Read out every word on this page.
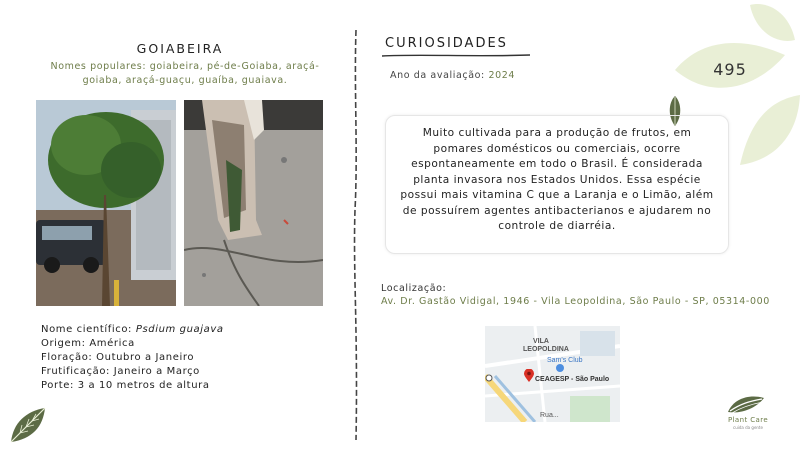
GOIABEIRA
Nomes populares: goiabeira, pé-de-Goiaba, araçá-goiaba, araçá-guaçu, guaíba, guaiava.
Nome científico: Psdium guajava
Origem: América
Floração: Outubro a Janeiro
Frutificação: Janeiro a Março
Porte: 3 a 10 metros de altura
CURIOSIDADES
Ano da avaliação: 2024	495
Muito cultivada para a produção de frutos, em pomares domésticos ou comerciais, ocorre espontaneamente em todo o Brasil. É considerada planta invasora nos Estados Unidos. Essa espécie possui mais vitamina C que a Laranja e o Limão, além de possuírem agentes antibacterianos e ajudarem no controle de diarréia.
Localização:
Av. Dr. Gastão Vidigal, 1946 - Vila Leopoldina, São Paulo - SP, 05314-000
VILA
LEOPOLDINA
Sam's Club
CEAGESP - São Paulo
Rua...
Plant Care
cuida da gente
